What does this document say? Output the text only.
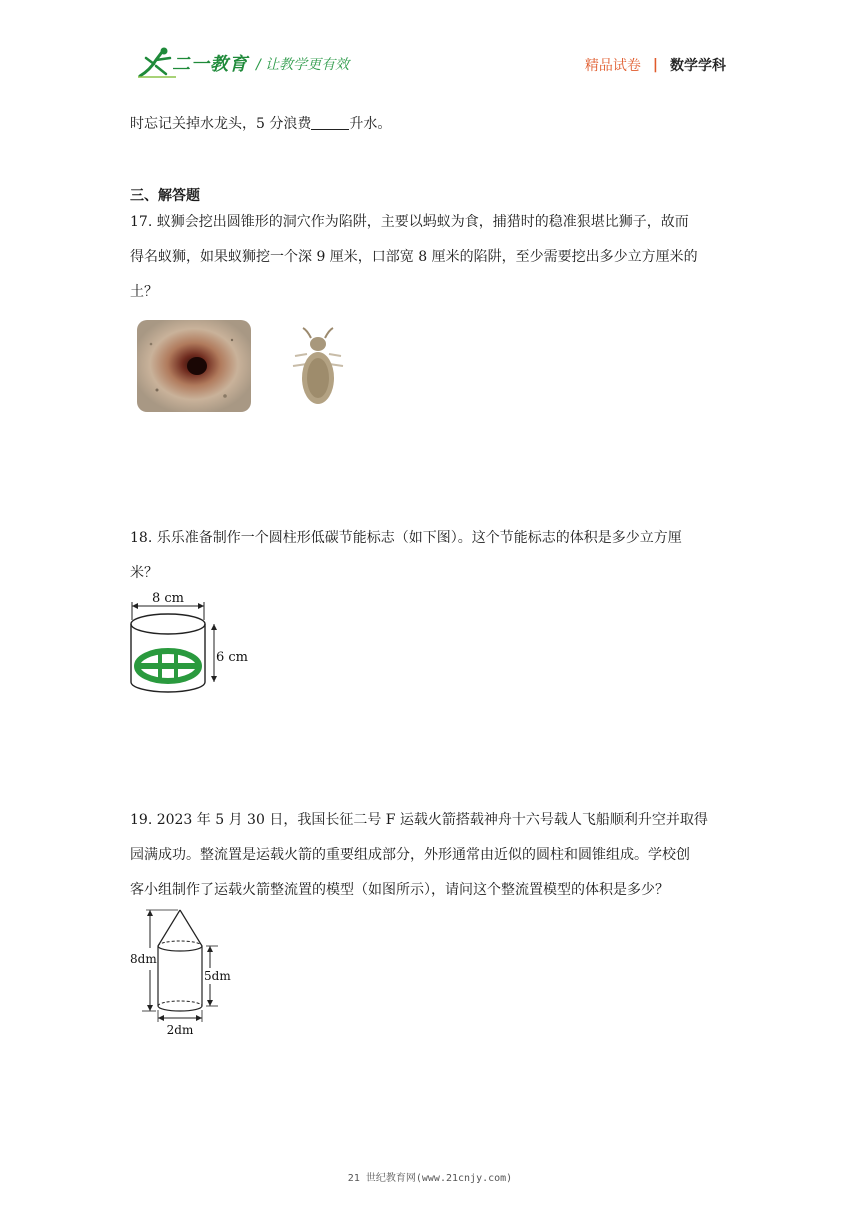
二一教育 / 让教学更有效	精品试卷 | 数学学科
时忘记关掉水龙头，5 分浪费	升水。
三、解答题
17. 蚁狮会挖出圆锥形的洞穴作为陷阱，主要以蚂蚁为食，捕猎时的稳准狠堪比狮子，故而
得名蚁狮，如果蚁狮挖一个深 9 厘米，口部宽 8 厘米的陷阱，至少需要挖出多少立方厘米的
土？
18. 乐乐准备制作一个圆柱形低碳节能标志（如下图）。这个节能标志的体积是多少立方厘
米？
8 cm
6 cm
19. 2023 年 5 月 30 日，我国长征二号 F 运载火箭搭载神舟十六号载人飞船顺利升空并取得
园满成功。整流置是运载火箭的重要组成部分，外形通常由近似的圆柱和圆锥组成。学校创
客小组制作了运载火箭整流置的模型（如图所示），请问这个整流置模型的体积是多少？
8dm
5dm
2dm
21 世纪教育网(www.21cnjy.com)
